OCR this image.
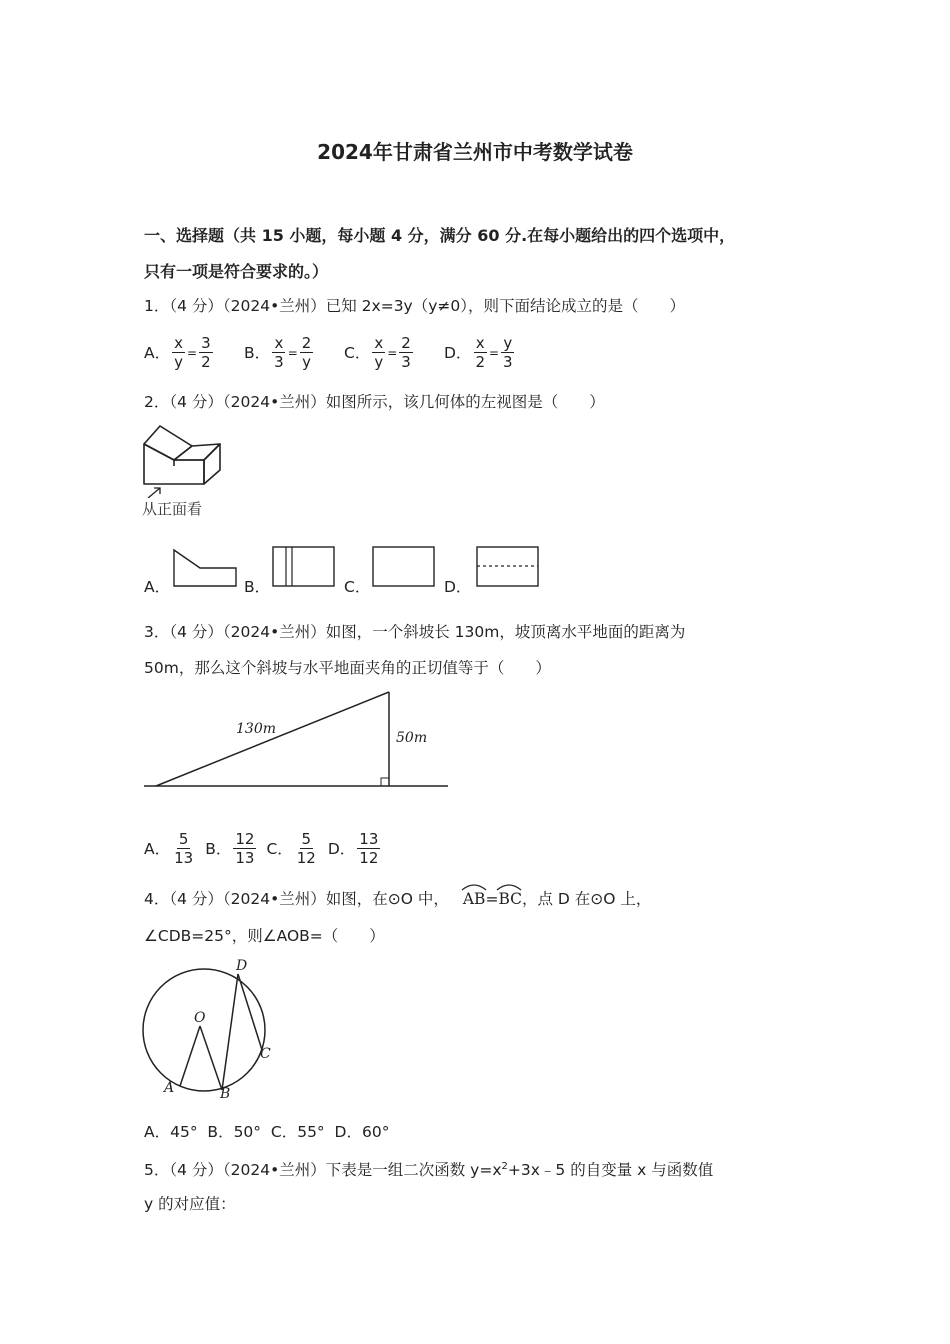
2024年甘肃省兰州市中考数学试卷
一、选择题（共 15 小题，每小题 4 分，满分 60 分.在每小题给出的四个选项中，
只有一项是符合要求的。）
1．（4 分）（2024•兰州）已知 2x=3y（y≠0），则下面结论成立的是（　　）
A． $\frac{x}{y} = \frac{3}{2}$ B． $\frac{x}{3} = \frac{2}{y}$ C． $\frac{x}{y} = \frac{2}{3}$ D． $\frac{x}{2} = \frac{y}{3}$
2．（4 分）（2024•兰州）如图所示，该几何体的左视图是（　　）
从正面看
A．	B．	C．	D．
3．（4 分）（2024•兰州）如图，一个斜坡长 130m，坡顶离水平地面的距离为
50m，那么这个斜坡与水平地面夹角的正切值等于（　　）
130m
50m
A． $\frac{5}{13}$ B． $\frac{12}{13}$ C． $\frac{5}{12}$ D． $\frac{13}{12}$
4．（4 分）（2024•兰州）如图，在⊙O 中， AB = BC ，点 D 在⊙O 上，
∠CDB=25°，则∠AOB=（　　）
D
O
C
A	B
A．45°  B．50°  C．55°  D．60°
5．（4 分）（2024•兰州）下表是一组二次函数 $y=x^2+3x﹣5$ 的自变量 x 与函数值
y 的对应值：
